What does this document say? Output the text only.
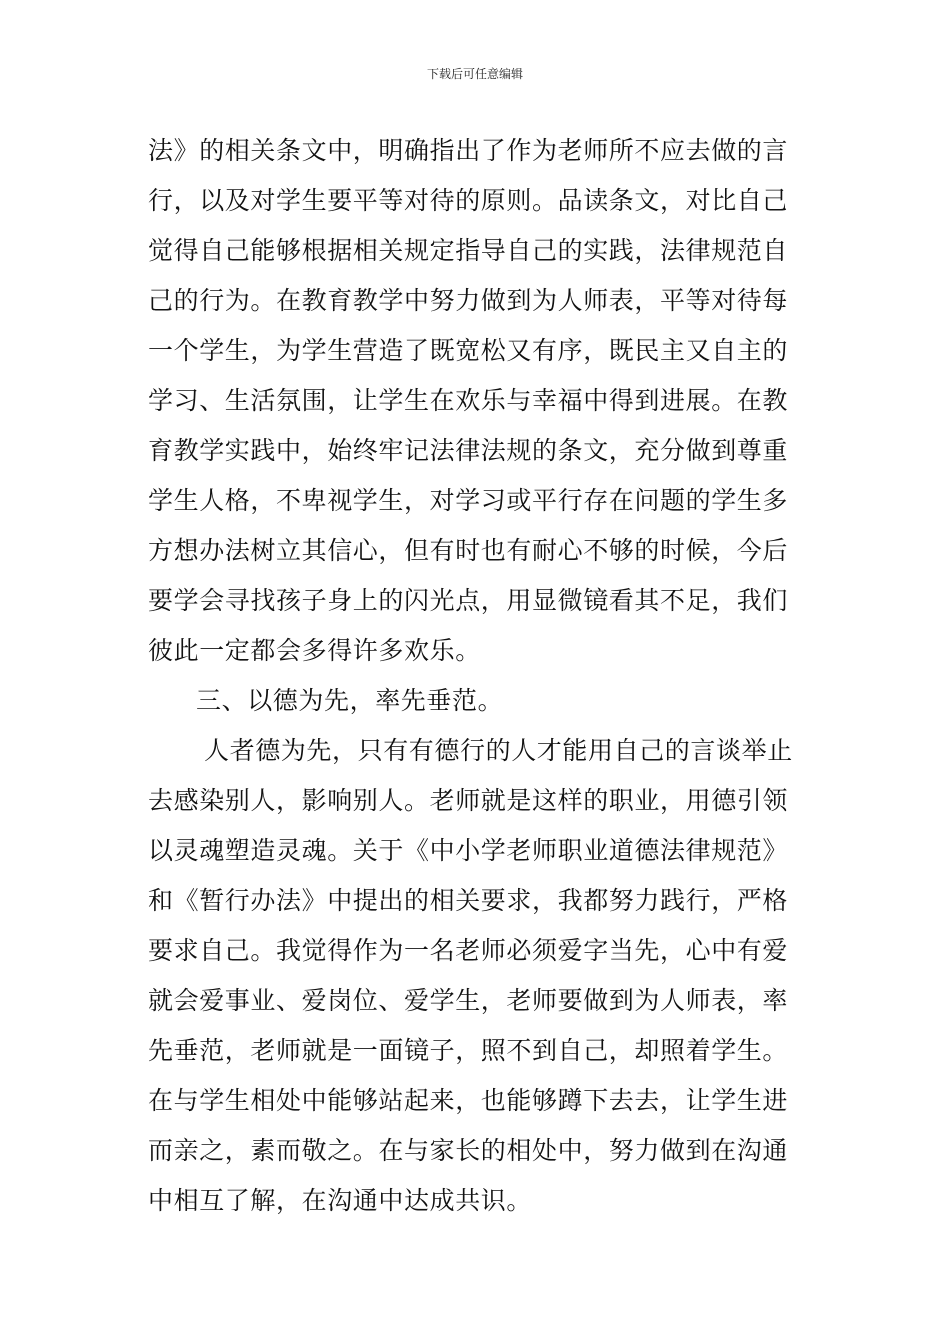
下载后可任意编辑
法》的相关条文中，明确指出了作为老师所不应去做的言
行，以及对学生要平等对待的原则。品读条文，对比自己
觉得自己能够根据相关规定指导自己的实践，法律规范自
己的行为。在教育教学中努力做到为人师表，平等对待每
一个学生，为学生营造了既宽松又有序，既民主又自主的
学习、生活氛围，让学生在欢乐与幸福中得到进展。在教
育教学实践中，始终牢记法律法规的条文，充分做到尊重
学生人格，不卑视学生，对学习或平行存在问题的学生多
方想办法树立其信心，但有时也有耐心不够的时候，今后
要学会寻找孩子身上的闪光点，用显微镜看其不足，我们
彼此一定都会多得许多欢乐。
三、以德为先，率先垂范。
人者德为先，只有有德行的人才能用自己的言谈举止
去感染别人，影响别人。老师就是这样的职业，用德引领
以灵魂塑造灵魂。关于《中小学老师职业道德法律规范》
和《暂行办法》中提出的相关要求，我都努力践行，严格
要求自己。我觉得作为一名老师必须爱字当先，心中有爱
就会爱事业、爱岗位、爱学生，老师要做到为人师表，率
先垂范，老师就是一面镜子，照不到自己，却照着学生。
在与学生相处中能够站起来，也能够蹲下去去，让学生进
而亲之，素而敬之。在与家长的相处中，努力做到在沟通
中相互了解，在沟通中达成共识。
